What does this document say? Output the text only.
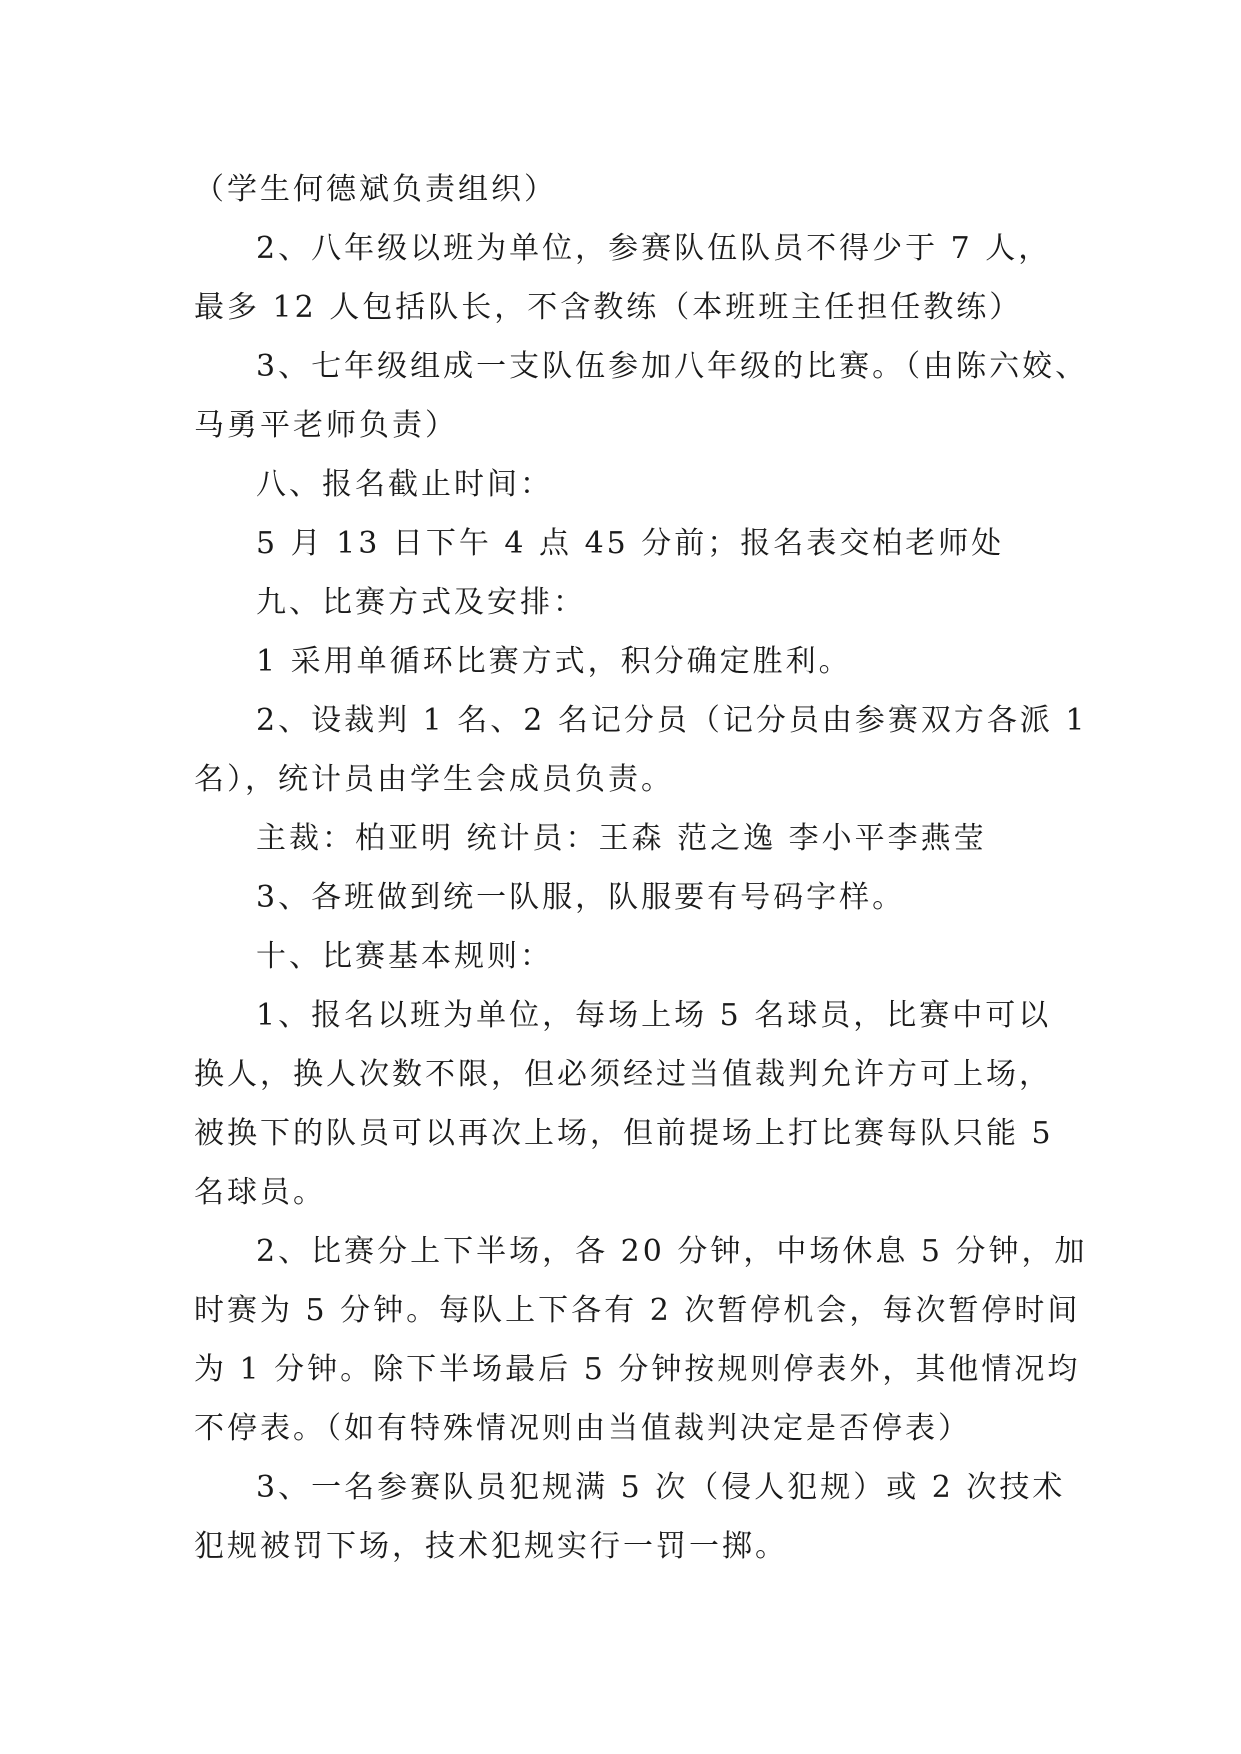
（学生何德斌负责组织）

2、八年级以班为单位，参赛队伍队员不得少于 7 人，

最多 12 人包括队长，不含教练（本班班主任担任教练）

3、七年级组成一支队伍参加八年级的比赛。（由陈六姣、

马勇平老师负责）

八、报名截止时间：

5 月 13 日下午 4 点 45 分前；报名表交柏老师处

九、比赛方式及安排：

1 采用单循环比赛方式，积分确定胜利。

2、设裁判 1 名、2 名记分员（记分员由参赛双方各派 1

名），统计员由学生会成员负责。

主裁：柏亚明 统计员：王森 范之逸 李小平李燕莹

3、各班做到统一队服，队服要有号码字样。

十、比赛基本规则：

1、报名以班为单位，每场上场 5 名球员，比赛中可以

换人，换人次数不限，但必须经过当值裁判允许方可上场，

被换下的队员可以再次上场，但前提场上打比赛每队只能 5

名球员。

2、比赛分上下半场，各 20 分钟，中场休息 5 分钟，加

时赛为 5 分钟。每队上下各有 2 次暂停机会，每次暂停时间

为 1 分钟。除下半场最后 5 分钟按规则停表外，其他情况均

不停表。（如有特殊情况则由当值裁判决定是否停表）

3、一名参赛队员犯规满 5 次（侵人犯规）或 2 次技术

犯规被罚下场，技术犯规实行一罚一掷。
